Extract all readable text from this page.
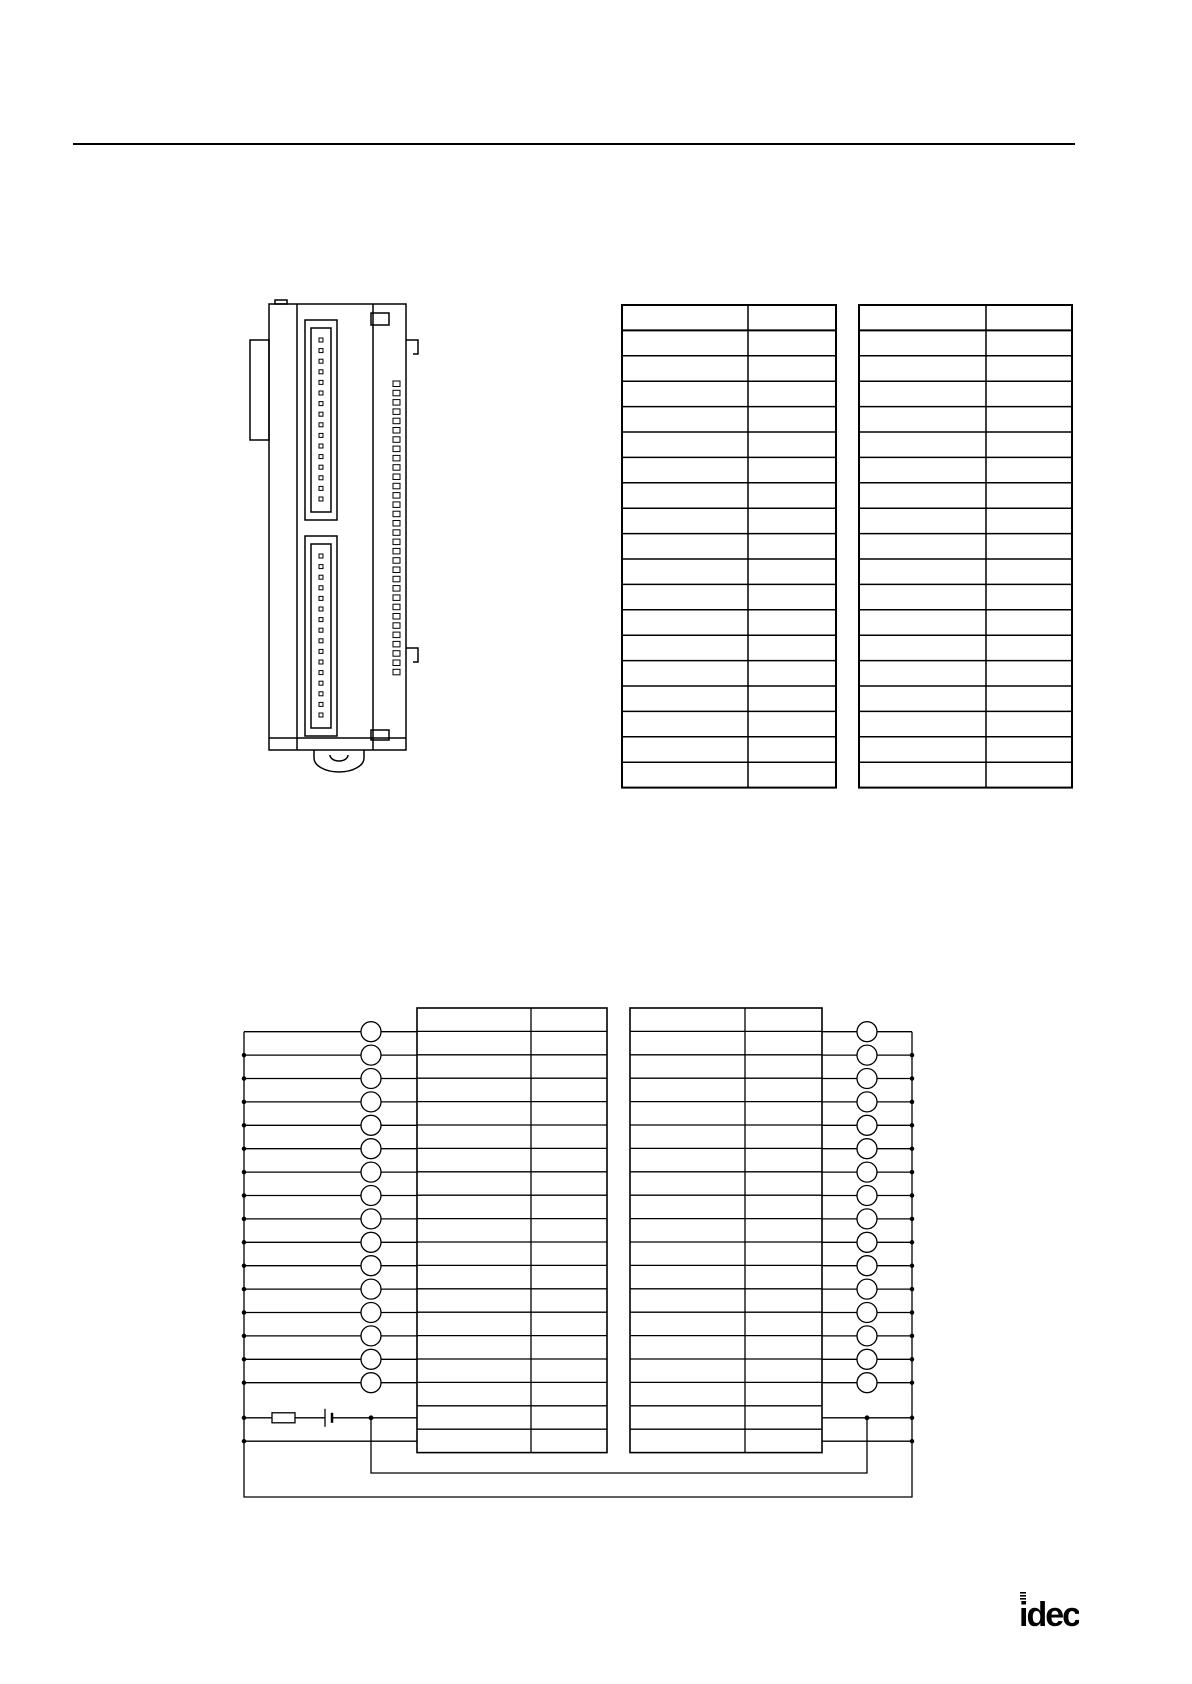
idec
